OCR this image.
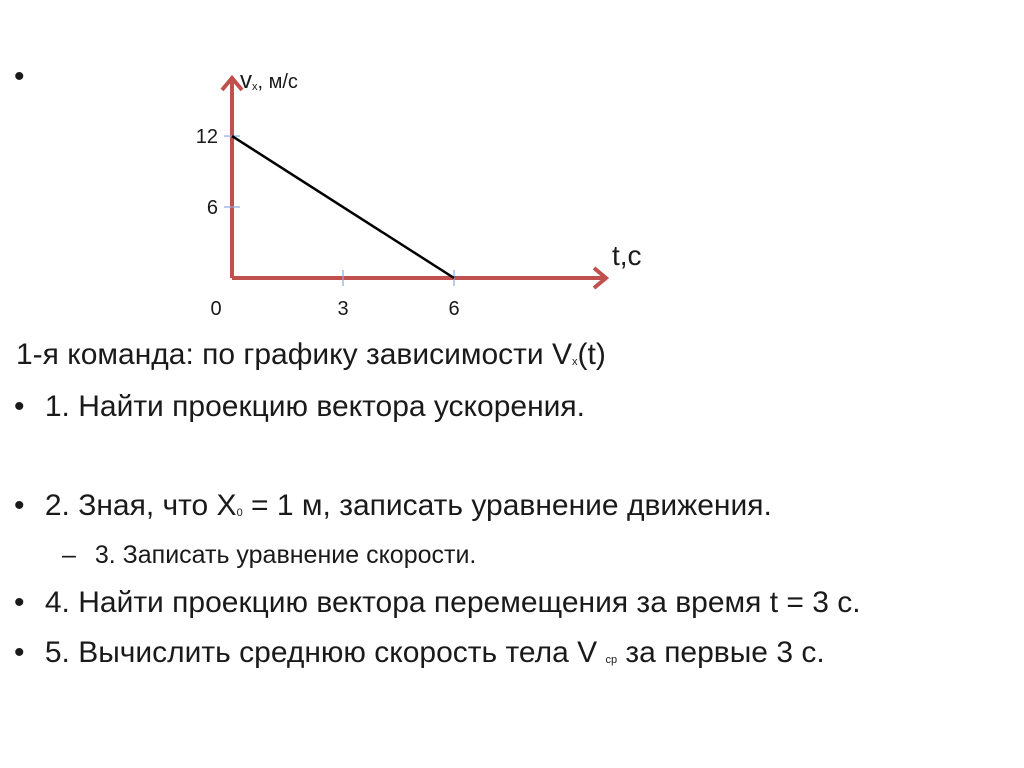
•
0	3	6
6
12
vx, м/с
t,c
1-я команда: по графику зависимости $V_x(t)$
• 1. Найти проекцию вектора ускорения.
• 2. Зная, что $X_0 = 1$ м, записать уравнение движения.
– 3. Записать уравнение скорости.
• 4. Найти проекцию вектора перемещения за время t = 3 с.
• 5. Вычислить среднюю скорость тела V $_{ср}$ за первые 3 с.
